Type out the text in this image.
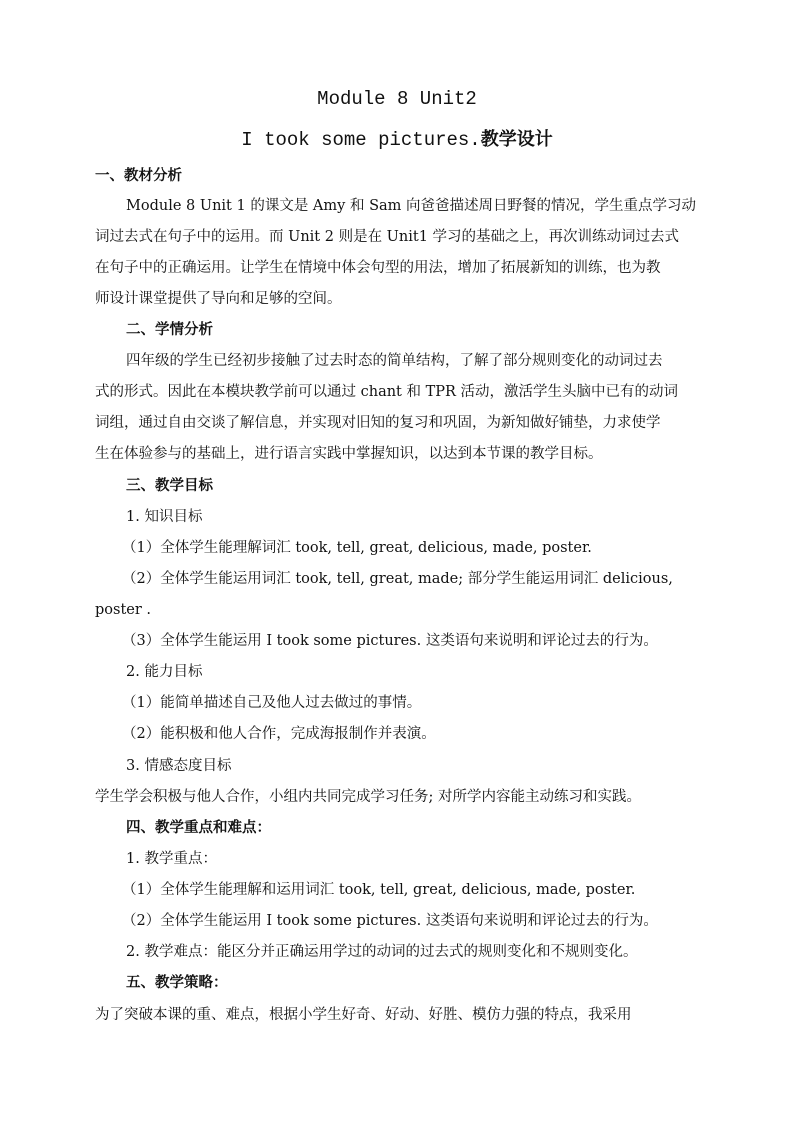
Module 8 Unit2
I took some pictures.教学设计
一、教材分析
Module 8 Unit 1 的课文是 Amy 和 Sam 向爸爸描述周日野餐的情况，学生重点学习动
词过去式在句子中的运用。而 Unit 2 则是在 Unit1 学习的基础之上，再次训练动词过去式
在句子中的正确运用。让学生在情境中体会句型的用法，增加了拓展新知的训练，也为教
师设计课堂提供了导向和足够的空间。
二、学情分析
四年级的学生已经初步接触了过去时态的简单结构，了解了部分规则变化的动词过去
式的形式。因此在本模块教学前可以通过 chant 和 TPR 活动，激活学生头脑中已有的动词
词组，通过自由交谈了解信息，并实现对旧知的复习和巩固，为新知做好铺垫，力求使学
生在体验参与的基础上，进行语言实践中掌握知识，以达到本节课的教学目标。
三、教学目标
1. 知识目标
（1）全体学生能理解词汇 took, tell, great, delicious, made, poster.
（2）全体学生能运用词汇 took, tell, great, made; 部分学生能运用词汇 delicious,
poster .
（3）全体学生能运用 I took some pictures. 这类语句来说明和评论过去的行为。
2. 能力目标
（1）能简单描述自己及他人过去做过的事情。
（2）能积极和他人合作，完成海报制作并表演。
3. 情感态度目标
学生学会积极与他人合作，小组内共同完成学习任务; 对所学内容能主动练习和实践。
四、教学重点和难点：
1. 教学重点：
（1）全体学生能理解和运用词汇 took, tell, great, delicious, made, poster.
（2）全体学生能运用 I took some pictures. 这类语句来说明和评论过去的行为。
2. 教学难点：能区分并正确运用学过的动词的过去式的规则变化和不规则变化。
五、教学策略：
为了突破本课的重、难点，根据小学生好奇、好动、好胜、模仿力强的特点，我采用
